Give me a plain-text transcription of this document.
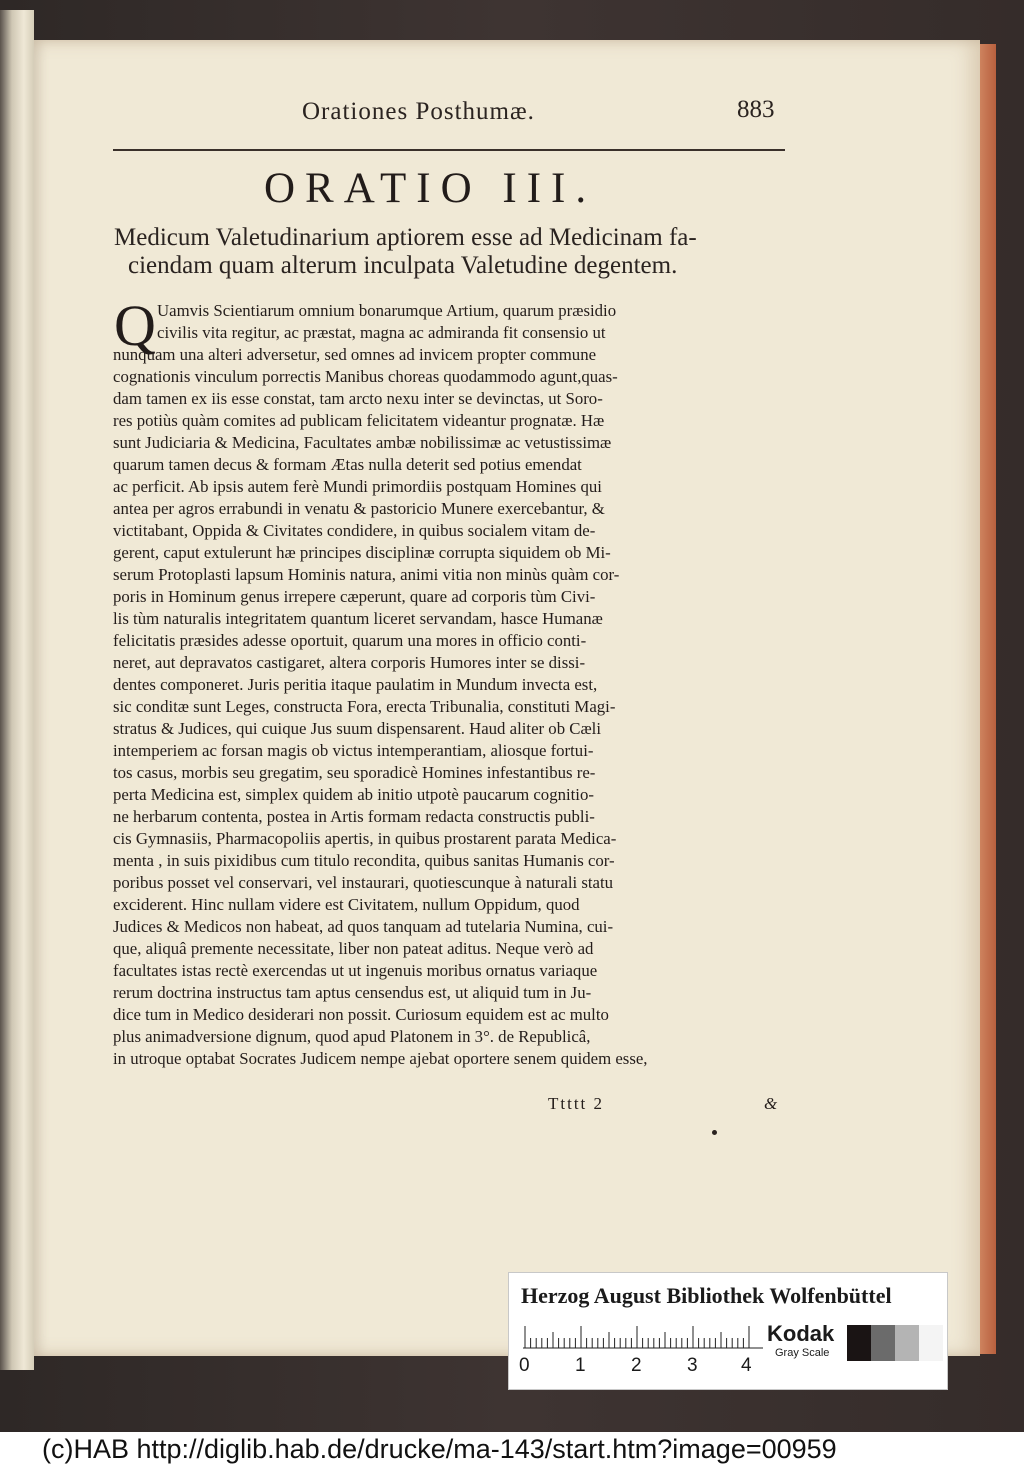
Orationes Posthumæ.	883
ORATIO III.
Medicum Valetudinarium aptiorem esse ad Medicinam fa-
ciendam quam alterum inculpata Valetudine degentem.
Q Uamvis Scientiarum omnium bonarumque Artium, quarum præsidio
civilis vita regitur, ac præstat, magna ac admiranda fit consensio ut
nunquam una alteri adversetur, sed omnes ad invicem propter commune
cognationis vinculum porrectis Manibus choreas quodammodo agunt,quas-
dam tamen ex iis esse constat, tam arcto nexu inter se devinctas, ut Soro-
res potiùs quàm comites ad publicam felicitatem videantur prognatæ. Hæ
sunt Judiciaria & Medicina, Facultates ambæ nobilissimæ ac vetustissimæ
quarum tamen decus & formam Ætas nulla deterit sed potius emendat
ac perficit. Ab ipsis autem ferè Mundi primordiis postquam Homines qui
antea per agros errabundi in venatu & pastoricio Munere exercebantur, &
victitabant, Oppida & Civitates condidere, in quibus socialem vitam de-
gerent, caput extulerunt hæ principes disciplinæ corrupta siquidem ob Mi-
serum Protoplasti lapsum Hominis natura, animi vitia non minùs quàm cor-
poris in Hominum genus irrepere cæperunt, quare ad corporis tùm Civi-
lis tùm naturalis integritatem quantum liceret servandam, hasce Humanæ
felicitatis præsides adesse oportuit, quarum una mores in officio conti-
neret, aut depravatos castigaret, altera corporis Humores inter se dissi-
dentes componeret. Juris peritia itaque paulatim in Mundum invecta est,
sic conditæ sunt Leges, constructa Fora, erecta Tribunalia, constituti Magi-
stratus & Judices, qui cuique Jus suum dispensarent. Haud aliter ob Cæli
intemperiem ac forsan magis ob victus intemperantiam, aliosque fortui-
tos casus, morbis seu gregatim, seu sporadicè Homines infestantibus re-
perta Medicina est, simplex quidem ab initio utpotè paucarum cognitio-
ne herbarum contenta, postea in Artis formam redacta constructis publi-
cis Gymnasiis, Pharmacopoliis apertis, in quibus prostarent parata Medica-
menta , in suis pixidibus cum titulo recondita, quibus sanitas Humanis cor-
poribus posset vel conservari, vel instaurari, quotiescunque à naturali statu
exciderent. Hinc nullam videre est Civitatem, nullum Oppidum, quod
Judices & Medicos non habeat, ad quos tanquam ad tutelaria Numina, cui-
que, aliquâ premente necessitate, liber non pateat aditus. Neque verò ad
facultates istas rectè exercendas ut ut ingenuis moribus ornatus variaque
rerum doctrina instructus tam aptus censendus est, ut aliquid tum in Ju-
dice tum in Medico desiderari non possit. Curiosum equidem est ac multo
plus animadversione dignum, quod apud Platonem in 3°. de Republicâ,
in utroque optabat Socrates Judicem nempe ajebat oportere senem quidem esse,
Ttttt 2	&
Herzog August Bibliothek Wolfenbüttel
0 1 2 3 4
Kodak
Gray Scale
(c)HAB http://diglib.hab.de/drucke/ma-143/start.htm?image=00959
